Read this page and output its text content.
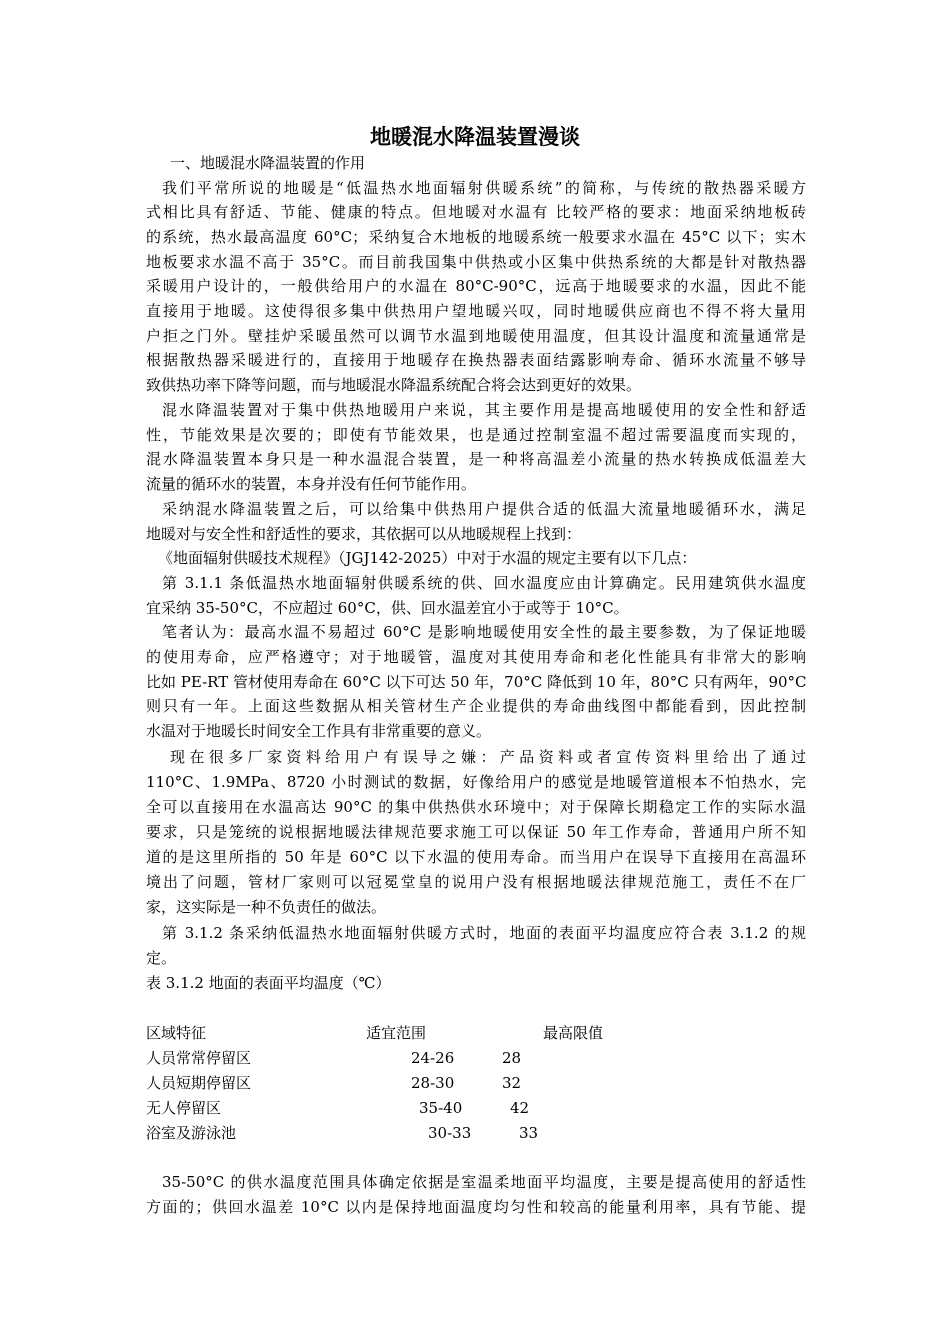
地暖混水降温装置漫谈
一、地暖混水降温装置的作用
我们平常所说的地暖是“低温热水地面辐射供暖系统”的简称，与传统的散热器采暖方
式相比具有舒适、节能、健康的特点。但地暖对水温有 比较严格的要求：地面采纳地板砖
的系统，热水最高温度 60°C；采纳复合木地板的地暖系统一般要求水温在 45°C 以下；实木
地板要求水温不高于 35°C。而目前我国集中供热或小区集中供热系统的大都是针对散热器
采暖用户设计的，一般供给用户的水温在 80°C-90°C，远高于地暖要求的水温，因此不能
直接用于地暖。这使得很多集中供热用户望地暖兴叹，同时地暖供应商也不得不将大量用
户拒之门外。壁挂炉采暖虽然可以调节水温到地暖使用温度，但其设计温度和流量通常是
根据散热器采暖进行的，直接用于地暖存在换热器表面结露影响寿命、循环水流量不够导
致供热功率下降等问题，而与地暖混水降温系统配合将会达到更好的效果。
混水降温装置对于集中供热地暖用户来说，其主要作用是提高地暖使用的安全性和舒适
性，节能效果是次要的；即使有节能效果，也是通过控制室温不超过需要温度而实现的，
混水降温装置本身只是一种水温混合装置，是一种将高温差小流量的热水转换成低温差大
流量的循环水的装置，本身并没有任何节能作用。
采纳混水降温装置之后，可以给集中供热用户提供合适的低温大流量地暖循环水，满足
地暖对与安全性和舒适性的要求，其依据可以从地暖规程上找到：
《地面辐射供暖技术规程》（JGJ142-2025）中对于水温的规定主要有以下几点：
第 3.1.1 条低温热水地面辐射供暖系统的供、回水温度应由计算确定。民用建筑供水温度
宜采纳 35-50°C，不应超过 60°C，供、回水温差宜小于或等于 10°C。
笔者认为：最高水温不易超过 60°C 是影响地暖使用安全性的最主要参数，为了保证地暖
的使用寿命，应严格遵守；对于地暖管，温度对其使用寿命和老化性能具有非常大的影响
比如 PE-RT 管材使用寿命在 60°C 以下可达 50 年，70°C 降低到 10 年，80°C 只有两年，90°C
则只有一年。上面这些数据从相关管材生产企业提供的寿命曲线图中都能看到，因此控制
水温对于地暖长时间安全工作具有非常重要的意义。
现在很多厂家资料给用户有误导之嫌：产品资料或者宣传资料里给出了通过
110°C、1.9MPa、8720 小时测试的数据，好像给用户的感觉是地暖管道根本不怕热水，完
全可以直接用在水温高达 90°C 的集中供热供水环境中；对于保障长期稳定工作的实际水温
要求，只是笼统的说根据地暖法律规范要求施工可以保证 50 年工作寿命，普通用户所不知
道的是这里所指的 50 年是 60°C 以下水温的使用寿命。而当用户在误导下直接用在高温环
境出了问题，管材厂家则可以冠冕堂皇的说用户没有根据地暖法律规范施工，责任不在厂
家，这实际是一种不负责任的做法。
第 3.1.2 条采纳低温热水地面辐射供暖方式时，地面的表面平均温度应符合表 3.1.2 的规
定。
表 3.1.2 地面的表面平均温度（℃）
区域特征	适宜范围	最高限值
人员常常停留区	24-26	28
人员短期停留区	28-30	32
无人停留区	35-40	42
浴室及游泳池	30-33	33
35-50°C 的供水温度范围具体确定依据是室温柔地面平均温度，主要是提高使用的舒适性
方面的；供回水温差 10°C 以内是保持地面温度均匀性和较高的能量利用率，具有节能、提
